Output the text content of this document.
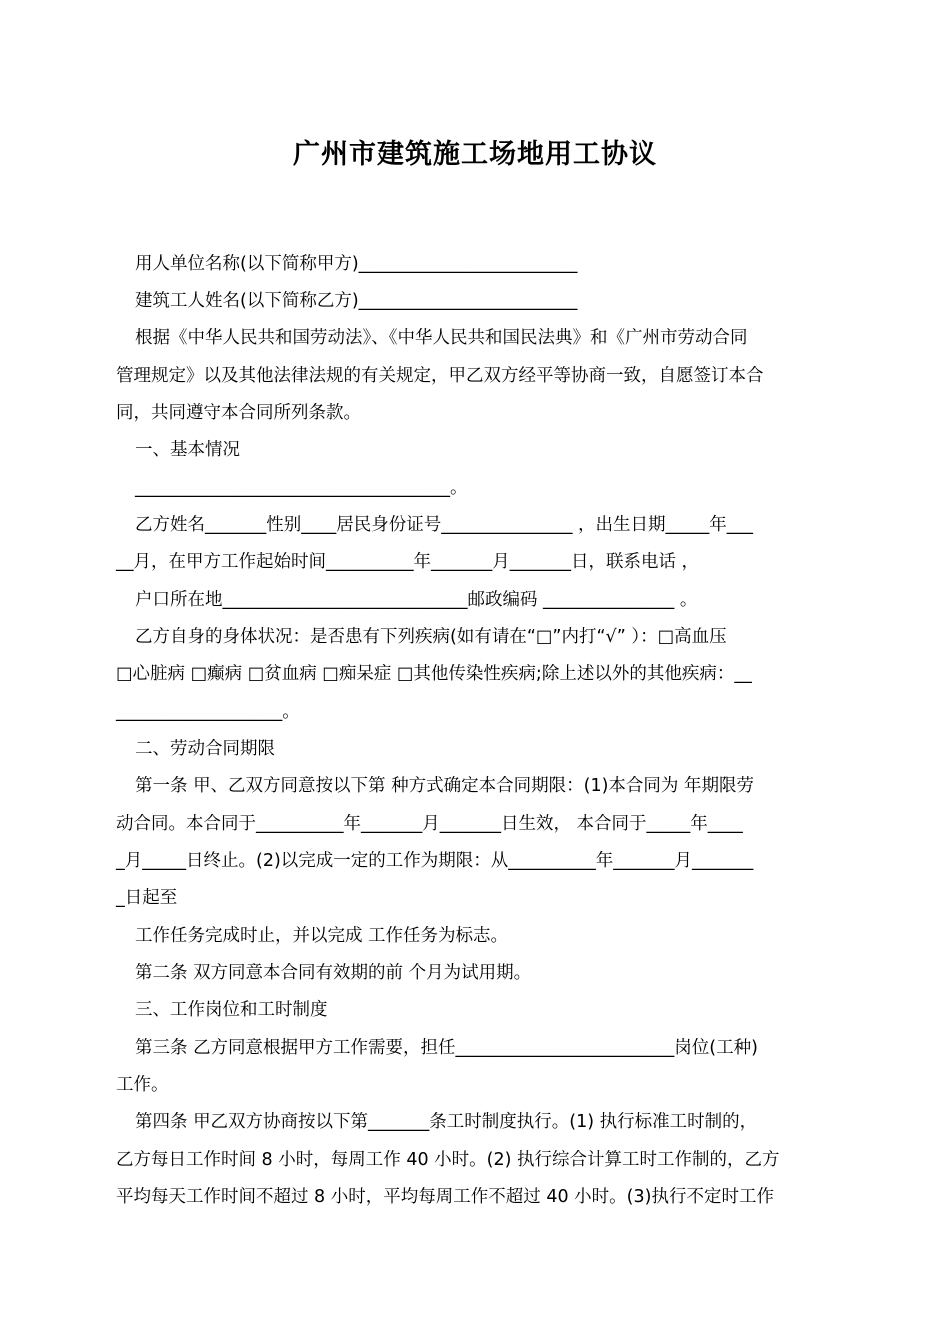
广州市建筑施工场地用工协议
用人单位名称(以下简称甲方)_________________________
建筑工人姓名(以下简称乙方)_________________________
根据《中华人民共和国劳动法》、《中华人民共和国民法典》和《广州市劳动合同
管理规定》以及其他法律法规的有关规定，甲乙双方经平等协商一致，自愿签订本合
同，共同遵守本合同所列条款。
一、基本情况
____________________________________。
乙方姓名_______性别____居民身份证号_______________ ，出生日期_____年___
__月，在甲方工作起始时间__________年_______月_______日，联系电话 ，
户口所在地____________________________邮政编码 _______________ 。
乙方自身的身体状况：是否患有下列疾病(如有请在“□”内打“√” ）：□高血压
□心脏病 □癫病 □贫血病 □痴呆症 □其他传染性疾病;除上述以外的其他疾病：__
___________________。
二、劳动合同期限
第一条 甲、乙双方同意按以下第 种方式确定本合同期限：(1)本合同为 年期限劳
动合同。本合同于__________年_______月_______日生效， 本合同于_____年____
_月_____日终止。(2)以完成一定的工作为期限：从__________年_______月_______
_日起至
工作任务完成时止，并以完成 工作任务为标志。
第二条 双方同意本合同有效期的前 个月为试用期。
三、工作岗位和工时制度
第三条 乙方同意根据甲方工作需要，担任_________________________岗位(工种)
工作。
第四条 甲乙双方协商按以下第_______条工时制度执行。(1) 执行标准工时制的，
乙方每日工作时间 8 小时，每周工作 40 小时。(2) 执行综合计算工时工作制的，乙方
平均每天工作时间不超过 8 小时，平均每周工作不超过 40 小时。(3)执行不定时工作
